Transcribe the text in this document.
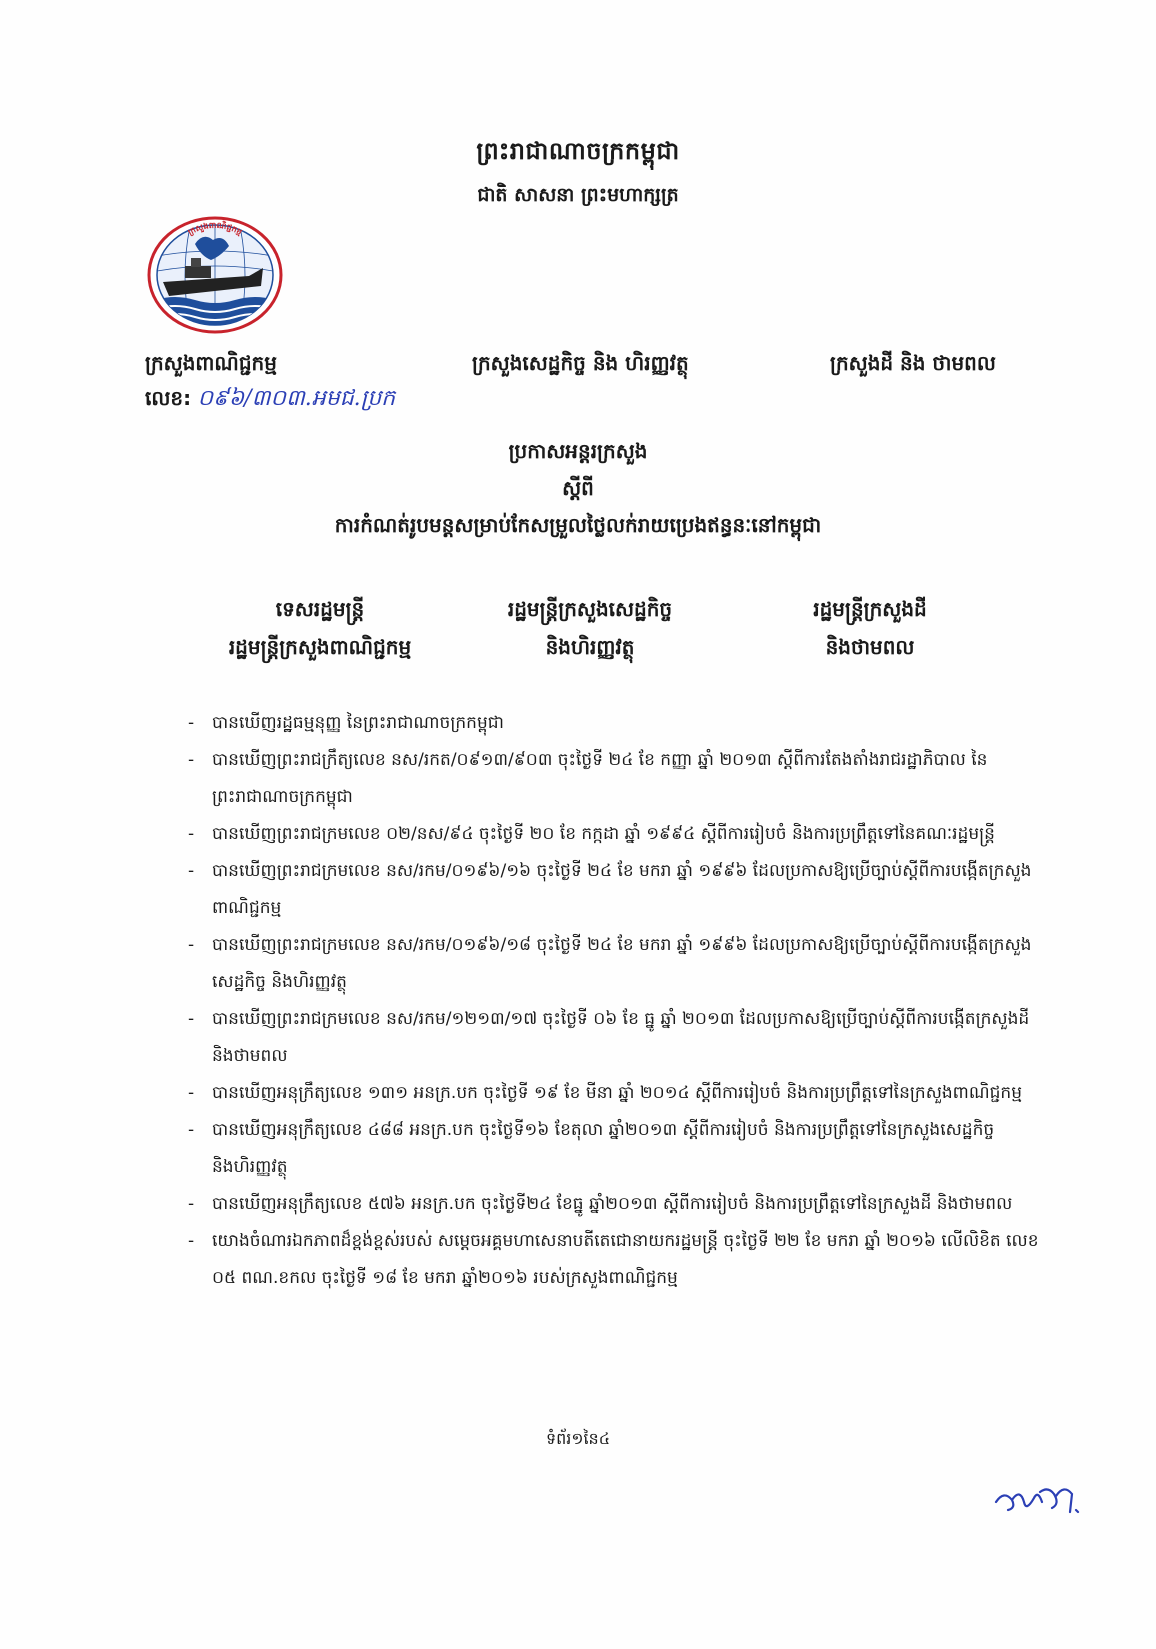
ព្រះរាជាណាចក្រកម្ពុជា
ជាតិ សាសនា ព្រះមហាក្សត្រ
ក្រសួងពាណិជ្ជកម្ម
ក្រសួងពាណិជ្ជកម្ម	ក្រសួងសេដ្ឋកិច្ច និង ហិរញ្ញវត្ថុ	ក្រសួងដី និង ថាមពល
លេខ: ០៩៦/៣០៣.អមជ.ប្រក
ប្រកាសអន្តរក្រសួង
ស្តីពី
ការកំណត់រូបមន្តសម្រាប់កែសម្រួលថ្លៃលក់រាយប្រេងឥន្ធនៈនៅកម្ពុជា
ទេសរដ្ឋមន្ត្រី
រដ្ឋមន្ត្រីក្រសួងពាណិជ្ជកម្ម
រដ្ឋមន្ត្រីក្រសួងសេដ្ឋកិច្ច
និងហិរញ្ញវត្ថុ
រដ្ឋមន្ត្រីក្រសួងដី
និងថាមពល
- បានឃើញរដ្ឋធម្មនុញ្ញ នៃព្រះរាជាណាចក្រកម្ពុជា
- បានឃើញព្រះរាជក្រឹត្យលេខ នស/រកត/០៩១៣/៩០៣ ចុះថ្ងៃទី ២៤ ខែ កញ្ញា ឆ្នាំ ២០១៣ ស្តីពីការតែងតាំងរាជរដ្ឋាភិបាល នៃព្រះរាជាណាចក្រកម្ពុជា
- បានឃើញព្រះរាជក្រមលេខ ០២/នស/៩៤ ចុះថ្ងៃទី ២០ ខែ កក្កដា ឆ្នាំ ១៩៩៤ ស្តីពីការរៀបចំ និងការប្រព្រឹត្តទៅនៃគណៈរដ្ឋមន្ត្រី
- បានឃើញព្រះរាជក្រមលេខ នស/រកម/០១៩៦/១៦ ចុះថ្ងៃទី ២៤ ខែ មករា ឆ្នាំ ១៩៩៦ ដែលប្រកាសឱ្យប្រើច្បាប់ស្តីពីការបង្កើតក្រសួងពាណិជ្ជកម្ម
- បានឃើញព្រះរាជក្រមលេខ នស/រកម/០១៩៦/១៨ ចុះថ្ងៃទី ២៤ ខែ មករា ឆ្នាំ ១៩៩៦ ដែលប្រកាសឱ្យប្រើច្បាប់ស្តីពីការបង្កើតក្រសួងសេដ្ឋកិច្ច និងហិរញ្ញវត្ថុ
- បានឃើញព្រះរាជក្រមលេខ នស/រកម/១២១៣/១៧ ចុះថ្ងៃទី ០៦ ខែ ធ្នូ ឆ្នាំ ២០១៣ ដែលប្រកាសឱ្យប្រើច្បាប់ស្តីពីការបង្កើតក្រសួងដី និងថាមពល
- បានឃើញអនុក្រឹត្យលេខ ១៣១ អនក្រ.បក ចុះថ្ងៃទី ១៩ ខែ មីនា ឆ្នាំ ២០១៤ ស្តីពីការរៀបចំ និងការប្រព្រឹត្តទៅនៃក្រសួងពាណិជ្ជកម្ម
- បានឃើញអនុក្រឹត្យលេខ ៤៨៨ អនក្រ.បក ចុះថ្ងៃទី១៦ ខែតុលា ឆ្នាំ២០១៣ ស្តីពីការរៀបចំ និងការប្រព្រឹត្តទៅនៃក្រសួងសេដ្ឋកិច្ច និងហិរញ្ញវត្ថុ
- បានឃើញអនុក្រឹត្យលេខ ៥៧៦ អនក្រ.បក ចុះថ្ងៃទី២៤ ខែធ្នូ ឆ្នាំ២០១៣ ស្តីពីការរៀបចំ និងការប្រព្រឹត្តទៅនៃក្រសួងដី និងថាមពល
- យោងចំណារឯកភាពដ៏ខ្ពង់ខ្ពស់របស់ សម្តេចអគ្គមហាសេនាបតីតេជោនាយករដ្ឋមន្ត្រី ចុះថ្ងៃទី ២២ ខែ មករា ឆ្នាំ ២០១៦ លើលិខិត លេខ ០៥ ពណ.ខកល ចុះថ្ងៃទី ១៨ ខែ មករា ឆ្នាំ២០១៦ របស់ក្រសួងពាណិជ្ជកម្ម
ទំព័រ១នៃ៤
